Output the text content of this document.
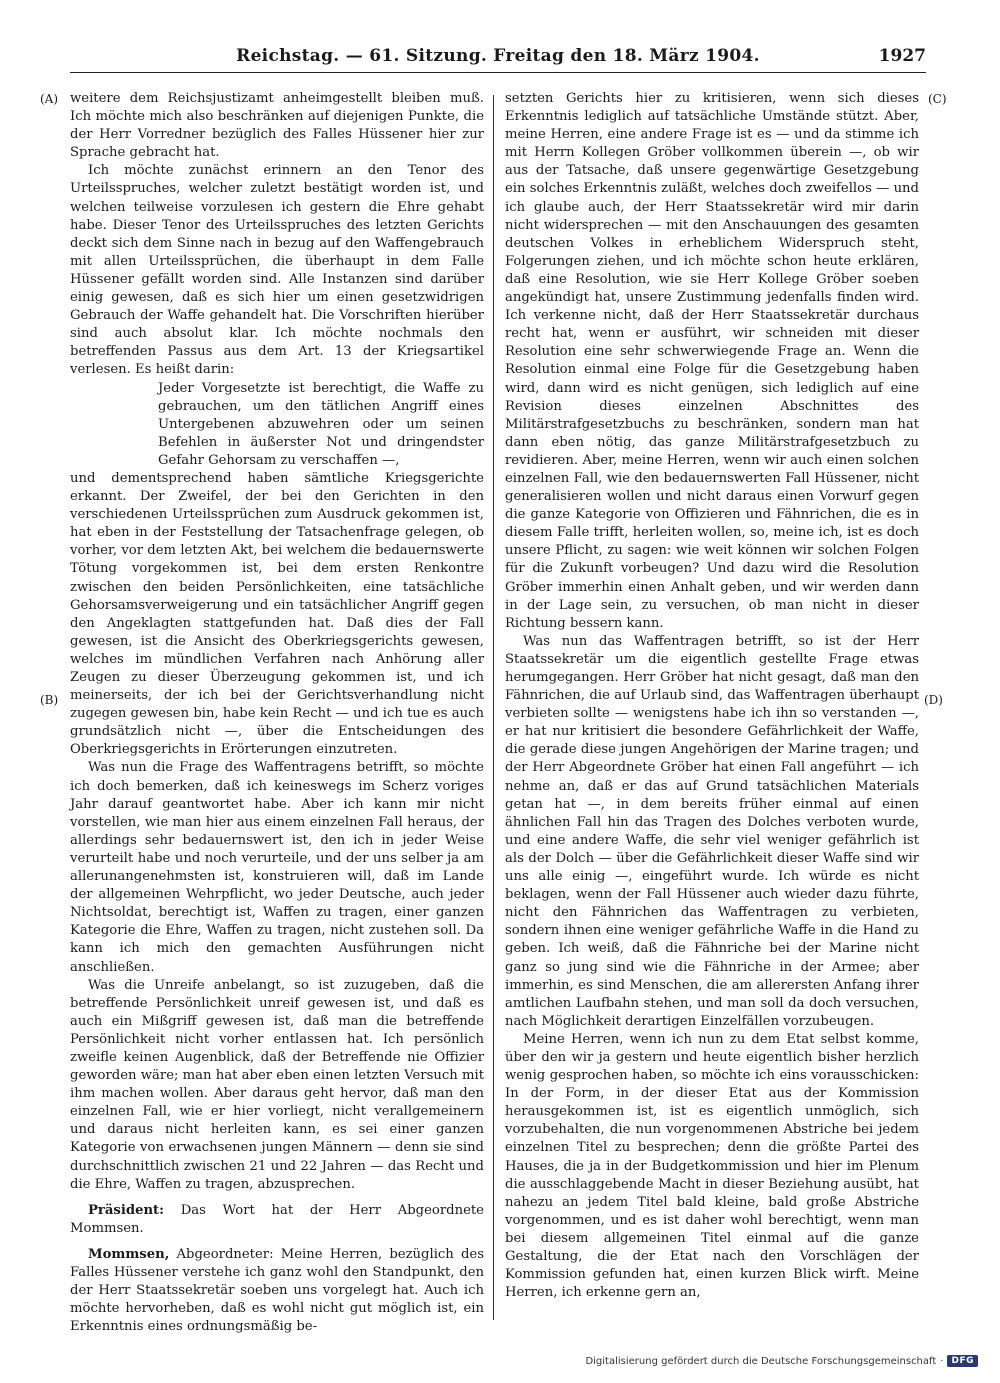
Reichstag. — 61. Sitzung. Freitag den 18. März 1904.	1927
(A)
(B)
(C)
(D)

weitere dem Reichsjustizamt anheimgestellt bleiben muß. Ich möchte mich also beschränken auf diejenigen Punkte, die der Herr Vorredner bezüglich des Falles Hüssener hier zur Sprache gebracht hat.

Ich möchte zunächst erinnern an den Tenor des Urteilsspruches, welcher zuletzt bestätigt worden ist, und welchen teilweise vorzulesen ich gestern die Ehre gehabt habe. Dieser Tenor des Urteilsspruches des letzten Gerichts deckt sich dem Sinne nach in bezug auf den Waffengebrauch mit allen Urteilssprüchen, die überhaupt in dem Falle Hüssener gefällt worden sind. Alle Instanzen sind darüber einig gewesen, daß es sich hier um einen gesetzwidrigen Gebrauch der Waffe gehandelt hat. Die Vorschriften hierüber sind auch absolut klar. Ich möchte nochmals den betreffenden Passus aus dem Art. 13 der Kriegsartikel verlesen. Es heißt darin:

Jeder Vorgesetzte ist berechtigt, die Waffe zu gebrauchen, um den tätlichen Angriff eines Untergebenen abzuwehren oder um seinen Befehlen in äußerster Not und dringendster Gefahr Gehorsam zu verschaffen —,

und dementsprechend haben sämtliche Kriegsgerichte erkannt. Der Zweifel, der bei den Gerichten in den verschiedenen Urteilssprüchen zum Ausdruck gekommen ist, hat eben in der Feststellung der Tatsachenfrage gelegen, ob vorher, vor dem letzten Akt, bei welchem die bedauernswerte Tötung vorgekommen ist, bei dem ersten Renkontre zwischen den beiden Persönlichkeiten, eine tatsächliche Gehorsamsverweigerung und ein tatsächlicher Angriff gegen den Angeklagten stattgefunden hat. Daß dies der Fall gewesen, ist die Ansicht des Oberkriegsgerichts gewesen, welches im mündlichen Verfahren nach Anhörung aller Zeugen zu dieser Überzeugung gekommen ist, und ich meinerseits, der ich bei der Gerichtsverhandlung nicht zugegen gewesen bin, habe kein Recht — und ich tue es auch grundsätzlich nicht —, über die Entscheidungen des Oberkriegsgerichts in Erörterungen einzutreten.

Was nun die Frage des Waffentragens betrifft, so möchte ich doch bemerken, daß ich keineswegs im Scherz voriges Jahr darauf geantwortet habe. Aber ich kann mir nicht vorstellen, wie man hier aus einem einzelnen Fall heraus, der allerdings sehr bedauernswert ist, den ich in jeder Weise verurteilt habe und noch verurteile, und der uns selber ja am allerunangenehmsten ist, konstruieren will, daß im Lande der allgemeinen Wehrpflicht, wo jeder Deutsche, auch jeder Nichtsoldat, berechtigt ist, Waffen zu tragen, einer ganzen Kategorie die Ehre, Waffen zu tragen, nicht zustehen soll. Da kann ich mich den gemachten Ausführungen nicht anschließen.

Was die Unreife anbelangt, so ist zuzugeben, daß die betreffende Persönlichkeit unreif gewesen ist, und daß es auch ein Mißgriff gewesen ist, daß man die betreffende Persönlichkeit nicht vorher entlassen hat. Ich persönlich zweifle keinen Augenblick, daß der Betreffende nie Offizier geworden wäre; man hat aber eben einen letzten Versuch mit ihm machen wollen. Aber daraus geht hervor, daß man den einzelnen Fall, wie er hier vorliegt, nicht verallgemeinern und daraus nicht herleiten kann, es sei einer ganzen Kategorie von erwachsenen jungen Männern — denn sie sind durchschnittlich zwischen 21 und 22 Jahren — das Recht und die Ehre, Waffen zu tragen, abzusprechen.

Präsident: Das Wort hat der Herr Abgeordnete Mommsen.

Mommsen, Abgeordneter: Meine Herren, bezüglich des Falles Hüssener verstehe ich ganz wohl den Standpunkt, den der Herr Staatssekretär soeben uns vorgelegt hat. Auch ich möchte hervorheben, daß es wohl nicht gut möglich ist, ein Erkenntnis eines ordnungsmäßig be-

setzten Gerichts hier zu kritisieren, wenn sich dieses Erkenntnis lediglich auf tatsächliche Umstände stützt. Aber, meine Herren, eine andere Frage ist es — und da stimme ich mit Herrn Kollegen Gröber vollkommen überein —, ob wir aus der Tatsache, daß unsere gegenwärtige Gesetzgebung ein solches Erkenntnis zuläßt, welches doch zweifellos — und ich glaube auch, der Herr Staatssekretär wird mir darin nicht widersprechen — mit den Anschauungen des gesamten deutschen Volkes in erheblichem Widerspruch steht, Folgerungen ziehen, und ich möchte schon heute erklären, daß eine Resolution, wie sie Herr Kollege Gröber soeben angekündigt hat, unsere Zustimmung jedenfalls finden wird. Ich verkenne nicht, daß der Herr Staatssekretär durchaus recht hat, wenn er ausführt, wir schneiden mit dieser Resolution eine sehr schwerwiegende Frage an. Wenn die Resolution einmal eine Folge für die Gesetzgebung haben wird, dann wird es nicht genügen, sich lediglich auf eine Revision dieses einzelnen Abschnittes des Militärstrafgesetzbuchs zu beschränken, sondern man hat dann eben nötig, das ganze Militärstrafgesetzbuch zu revidieren. Aber, meine Herren, wenn wir auch einen solchen einzelnen Fall, wie den bedauernswerten Fall Hüssener, nicht generalisieren wollen und nicht daraus einen Vorwurf gegen die ganze Kategorie von Offizieren und Fähnrichen, die es in diesem Falle trifft, herleiten wollen, so, meine ich, ist es doch unsere Pflicht, zu sagen: wie weit können wir solchen Folgen für die Zukunft vorbeugen? Und dazu wird die Resolution Gröber immerhin einen Anhalt geben, und wir werden dann in der Lage sein, zu versuchen, ob man nicht in dieser Richtung bessern kann.

Was nun das Waffentragen betrifft, so ist der Herr Staatssekretär um die eigentlich gestellte Frage etwas herumgegangen. Herr Gröber hat nicht gesagt, daß man den Fähnrichen, die auf Urlaub sind, das Waffentragen überhaupt verbieten sollte — wenigstens habe ich ihn so verstanden —, er hat nur kritisiert die besondere Gefährlichkeit der Waffe, die gerade diese jungen Angehörigen der Marine tragen; und der Herr Abgeordnete Gröber hat einen Fall angeführt — ich nehme an, daß er das auf Grund tatsächlichen Materials getan hat —, in dem bereits früher einmal auf einen ähnlichen Fall hin das Tragen des Dolches verboten wurde, und eine andere Waffe, die sehr viel weniger gefährlich ist als der Dolch — über die Gefährlichkeit dieser Waffe sind wir uns alle einig —, eingeführt wurde. Ich würde es nicht beklagen, wenn der Fall Hüssener auch wieder dazu führte, nicht den Fähnrichen das Waffentragen zu verbieten, sondern ihnen eine weniger gefährliche Waffe in die Hand zu geben. Ich weiß, daß die Fähnriche bei der Marine nicht ganz so jung sind wie die Fähnriche in der Armee; aber immerhin, es sind Menschen, die am allerersten Anfang ihrer amtlichen Laufbahn stehen, und man soll da doch versuchen, nach Möglichkeit derartigen Einzelfällen vorzubeugen.

Meine Herren, wenn ich nun zu dem Etat selbst komme, über den wir ja gestern und heute eigentlich bisher herzlich wenig gesprochen haben, so möchte ich eins vorausschicken: In der Form, in der dieser Etat aus der Kommission herausgekommen ist, ist es eigentlich unmöglich, sich vorzubehalten, die nun vorgenommenen Abstriche bei jedem einzelnen Titel zu besprechen; denn die größte Partei des Hauses, die ja in der Budgetkommission und hier im Plenum die ausschlaggebende Macht in dieser Beziehung ausübt, hat nahezu an jedem Titel bald kleine, bald große Abstriche vorgenommen, und es ist daher wohl berechtigt, wenn man bei diesem allgemeinen Titel einmal auf die ganze Gestaltung, die der Etat nach den Vorschlägen der Kommission gefunden hat, einen kurzen Blick wirft. Meine Herren, ich erkenne gern an,

Digitalisierung gefördert durch die Deutsche Forschungsgemeinschaft · DFG
